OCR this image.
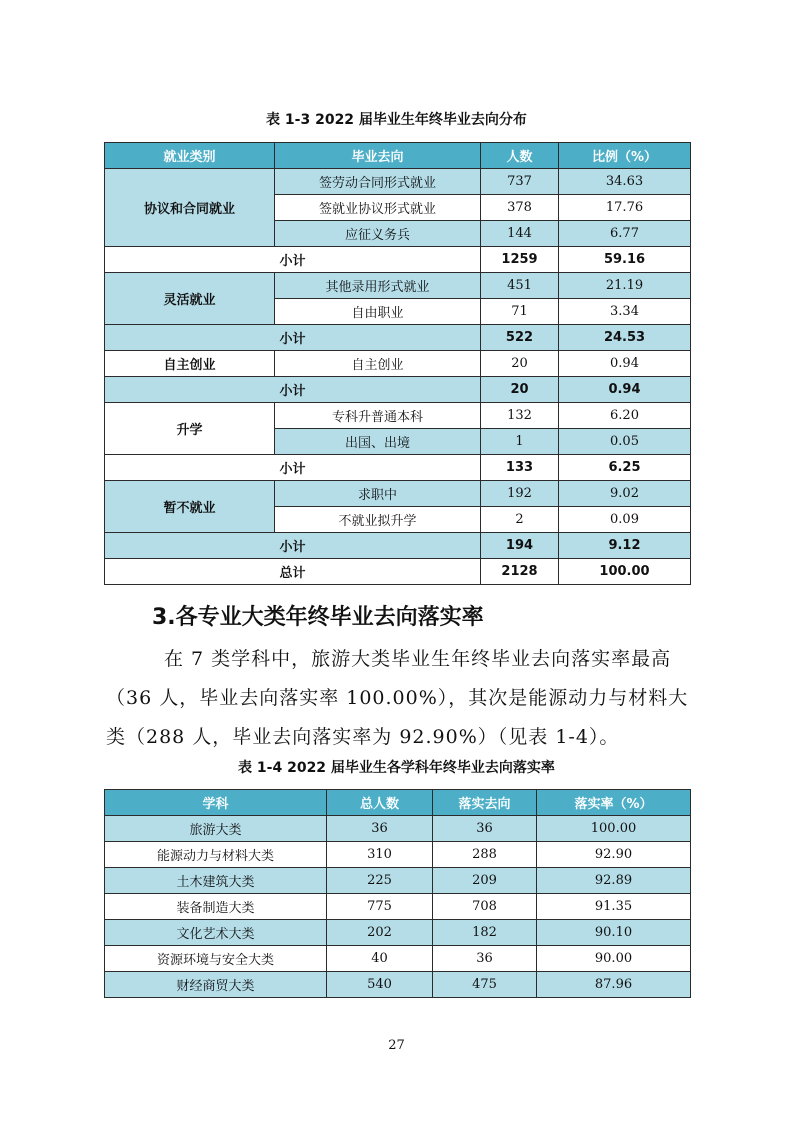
表 1-3 2022 届毕业生年终毕业去向分布
就业类别	毕业去向	人数	比例（%）
协议和合同就业	签劳动合同形式就业	737	34.63
	签就业协议形式就业	378	17.76
	应征义务兵	144	6.77
小计		1259	59.16
灵活就业	其他录用形式就业	451	21.19
	自由职业	71	3.34
小计		522	24.53
自主创业	自主创业	20	0.94
小计		20	0.94
升学	专科升普通本科	132	6.20
	出国、出境	1	0.05
小计		133	6.25
暂不就业	求职中	192	9.02
	不就业拟升学	2	0.09
小计		194	9.12
总计		2128	100.00
3.各专业大类年终毕业去向落实率
在 7 类学科中，旅游大类毕业生年终毕业去向落实率最高（36 人，毕业去向落实率 100.00%），其次是能源动力与材料大类（288 人，毕业去向落实率为 92.90%）（见表 1-4）。
表 1-4 2022 届毕业生各学科年终毕业去向落实率
学科	总人数	落实去向	落实率（%）
旅游大类	36	36	100.00
能源动力与材料大类	310	288	92.90
土木建筑大类	225	209	92.89
装备制造大类	775	708	91.35
文化艺术大类	202	182	90.10
资源环境与安全大类	40	36	90.00
财经商贸大类	540	475	87.96
27
